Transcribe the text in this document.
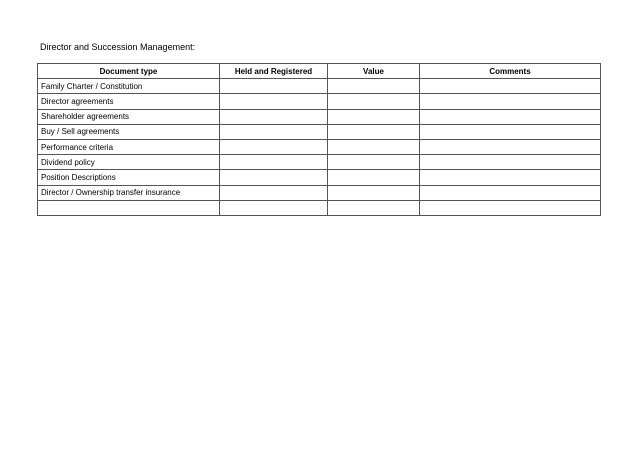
Director and Succession Management:
Document type	Held and Registered	Value	Comments
Family Charter / Constitution			
Director agreements			
Shareholder agreements			
Buy / Sell agreements			
Performance criteria			
Dividend policy			
Position Descriptions			
Director / Ownership transfer insurance			
